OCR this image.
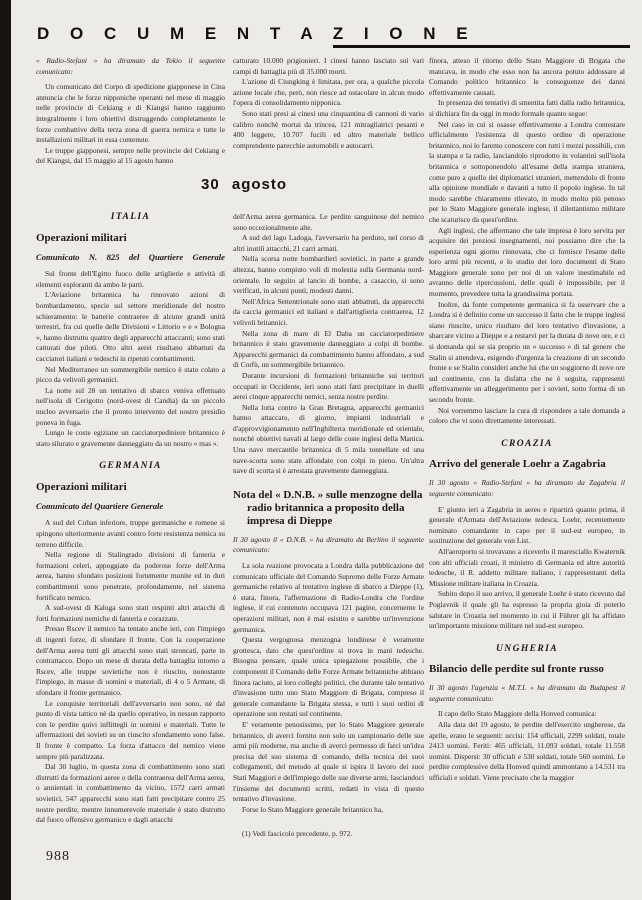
D O C U M E N T A Z I O N E
30 agosto
« Radio-Stefani » ha diramato da Tokio il seguente comunicato:
Un comunicato del Corpo di spedizione giapponese in Cina annuncia che le forze nipponiche operanti nel mese di maggio nelle provincie di Cekiang e di Kiangsi hanno raggiunto integralmente i loro obiettivi distruggendo completamente le forze combattive della terza zona di guerra nemica e tutte le installazioni militari in essa contenute.
Le truppe giapponesi, sempre nelle provincie del Cekiang e del Kiangsi, dal 15 maggio al 15 agosto hanno
ITALIA
Operazioni militari
Comunicato N. 825 del Quartiere Generale
Sul fronte dell'Egitto fuoco delle artiglierie e attività di elementi esploranti da ambo le parti.
L'Aviazione britannica ha rinnovato azioni di bombardamento, specie sul settore meridionale del nostro schieramento: le batterie contraeree di alcune grandi unità terrestri, fra cui quelle delle Divisioni « Littorio » e « Bologna », hanno distrutto quattro degli apparecchi attaccanti; sono stati catturati due piloti. Otto altri aerei risultano abbattuti da cacciatori italiani e tedeschi in ripetuti combattimenti.
Nel Mediterraneo un sommergibile nemico è stato colato a picco da velivoli germanici.
La notte sul 28 un tentativo di sbarco veniva effettuato nell'isola di Cerigotto (nord-ovest di Candia) da un piccolo nucleo avversario che il pronto intervento del nostro presidio poneva in fuga.
Lungo le coste egiziane un cacciatorpediniere britannico è stato silurato e gravemente danneggiato da un nostro « mas ».
GERMANIA
Operazioni militari
Comunicato del Quartiere Generale
A sud del Cuban inferiore, truppe germaniche e romene si spingono ulteriormente avanti contro forte resistenza nemica su terreno difficile.
Nella regione di Stalingrado divisioni di fanteria e formazioni celeri, appoggiate da poderose forze dell'Arma aerea, hanno sfondato posizioni fortemente munite ed in duri combattimenti sono penetrate, profondamente, nel sistema fortificato nemico.
A sud-ovest di Kaluga sono stati respinti altri attacchi di forti formazioni nemiche di fanteria e corazzate.
Presso Rscev il nemico ha tentato anche ieri, con l'impiego di ingenti forze, di sfondare il fronte. Con la cooperazione dell'Arma aerea tutti gli attacchi sono stati stroncati, parte in contrattacco. Dopo un mese di durata della battaglia intorno a Rscev, alle truppe sovietiche non è riuscito, nonostante l'impiego, in masse di uomini e materiali, di 4 o 5 Armate, di sfondare il fronte germanico.
Le conquiste territoriali dell'avversario non sono, nè dal punto di vista tattico nè da quello operativo, in nessun rapporto con le perdite quivi inflittegli in uomini e materiali. Tutte le affermazioni dei sovieti su un riuscito sfondamento sono false. Il fronte è compatto. La forza d'attacco del nemico viene sempre più paralizzata.
Dal 30 luglio, in questa zona di combattimento sono stati distrutti da formazioni aeree o della contraerea dell'Arma aerea, o annientati in combattimento da vicino, 1572 carri armati sovietici, 547 apparecchi sono stati fatti precipitare contro 25 nostre perdite, mentre innumerevole materiale è stato distrutto dal fuoco offensivo germanico e dagli attacchi
catturato 10.000 prigionieri. I cinesi hanno lasciato sui vari campi di battaglia più di 35.000 morti.
L'azione di Ciungking è limitata, per ora, a qualche piccola azione locale che, però, non riesce ad ostacolare in alcun modo l'opera di consolidamento nipponica.
Sono stati presi ai cinesi una cinquantina di cannoni di vario calibro nonchè mortai da trincea, 121 mitragliatrici pesanti e 400 leggere, 10.707 fucili ed altro materiale bellico comprendente parecchie automobili e autocarri.
dell'Arma aerea germanica. Le perdite sanguinose del nemico sono eccezionalmente alte.
A sud del lago Ladoga, l'avversario ha perduto, nel corso di altri inutili attacchi, 21 carri armati.
Nella scorsa notte bombardieri sovietici, in parte a grande altezza, hanno compiuto voli di molestia sulla Germania nord-orientale. In seguito al lancio di bombe, a casaccio, si sono verificati, in alcuni punti, modesti danni.
Nell'Africa Settentrionale sono stati abbattuti, da apparecchi da caccia germanici ed italiani e dall'artiglieria contraerea, 12 velivoli britannici.
Nella zona di mare di El Daba un cacciatorpediniere britannico è stato gravemente danneggiato a colpi di bombe. Apparecchi germanici da combattimento hanno affondato, a sud di Corfù, un sommergibile britannico.
Durante incursioni di formazioni britanniche sui territori occupati in Occidente, ieri sono stati fatti precipitare in duelli aerei cinque apparecchi nemici, senza nostre perdite.
Nella lotta contro la Gran Bretagna, apparecchi germanici hanno attaccato, di giorno, impianti industriali e d'approvvigionamento nell'Inghilterra meridionale ed orientale, nonchè obiettivi navali al largo delle coste inglesi della Manica. Una nave mercantile britannica di 5 mila tonnellate ed una nave-scorta sono state affondate con colpi in pieno. Un'altra nave di scorta si è arrestata gravemente danneggiata.
Nota del « D.N.B. » sulle menzogne della radio britannica a proposito della impresa di Dieppe
Il 30 agosto il « D.N.B. » ha diramato da Berlino il seguente comunicato:
La sola reazione provocata a Londra dalla pubblicazione del comunicato ufficiale del Comando Supremo delle Forze Armate germaniche relativo al tentativo inglese di sbarco a Dieppe (1), è stata, finora, l'affermazione di Radio-Londra che l'ordine inglese, il cui contenuto occupava 121 pagine, concernente le operazioni militari, non è mai esistito e sarebbe un'invenzione germanica.
Questa vergognosa menzogna londinese è veramente grottesca, dato che quest'ordine si trova in mani tedesche. Bisogna pensare, quale unica spiegazione possibile, che i componenti il Comando delle Forze Armate britanniche abbiano finora taciuto, ai loro colleghi politici, che durante tale tentativo d'invasione tutto uno Stato Maggiore di Brigata, compreso il generale comandante la Brigata stessa, e tutti i suoi ordini di operazione son restati sul continente.
E' veramente penosissimo, per lo Stato Maggiore generale britannico, di averci fornito non solo un campionario delle sue armi più moderne, ma anche di averci permesso di farci un'idea precisa del suo sistema di comando, della tecnica dei suoi collegamenti, del metodo al quale si ispira il lavoro dei suoi Stati Maggiori e dell'impiego delle sue diverse armi, lasciandoci l'insieme dei documenti scritti, redatti in vista di questo tentativo d'invasione.
Forse lo Stato Maggiore generale britannico ha,
(1) Vedi fascicolo precedente, p. 972.
finora, atteso il ritorno dello Stato Maggiore di Brigata che mancava, in modo che esso non ha ancora potuto addossare al Comando politico britannico le conseguenze dei danni effettivamente causati.
In presenza dei tentativi di smentita fatti dalla radio britannica, si dichiara fin da oggi in modo formale quanto segue:
Nel caso in cui si osasse effettivamente a Londra contestare ufficialmente l'esistenza di questo ordine di operazione britannico, noi lo faremo conoscere con tutti i mezzi possibili, con la stampa e la radio, lanciandolo riprodotto in volantini sull'isola britannica e sottoponendolo all'esame della stampa straniera, come pure a quello dei diplomatici stranieri, mettendolo di fronte alla opinione mondiale e davanti a tutto il popolo inglese. In tal modo sarebbe chiaramente rilevato, in modo molto più penoso per lo Stato Maggiore generale inglese, il dilettantismo militare che scaturisce da quest'ordine.
Agli inglesi, che affermano che tale impresa è loro servita per acquisire dei preziosi insegnamenti, noi possiamo dire che la esperienza ogni giorno rinnovata, che ci fornisce l'esame delle loro armi più recenti, e lo studio dei loro documenti di Stato Maggiore generale sono per noi di un valore inestimabile ed avranno delle ripercussioni, delle quali è impossibile, per il momento, prevedere tutta la grandissima portata.
Inoltre, da fonte competente germanica si fa osservare che a Londra si è definito come un successo il fatto che le truppe inglesi siano riuscite, unico risultato del loro tentativo d'invasione, a sbarcare vicino a Dieppe e a restarvi per la durata di nove ore, e ci si domanda qui se sia proprio un « successo » di tal genere che Stalin si attendeva, esigendo d'urgenza la creazione di un secondo fronte e se Stalin consideri anche lui che un soggiorno di nove ore sul continente, con la disfatta che ne è seguita, rappresenti effettivamente un alleggerimento per i sovieti, sotto forma di un secondo fronte.
Noi vorremmo lasciare la cura di rispondere a tale domanda a coloro che vi sono direttamente interessati.
CROAZIA
Arrivo del generale Loehr a Zagabria
Il 30 agosto « Radio-Stefani » ha diramato da Zagabria il seguente comunicato:
E' giunto ieri a Zagabria in aereo e ripartirà quanto prima, il generale d'Armata dell'Aviazione tedesca, Loehr, recentemente nominato comandante in capo per il sud-est europeo, in sostituzione del generale von List.
All'aeroporto si trovavano a riceverlo il maresciallo Kwaternik con alti ufficiali croati, il ministro di Germania ed altre autorità tedesche, il R. addetto militare italiano, i rappresentanti della Missione militare italiana in Croazia.
Subito dopo il suo arrivo, il generale Loehr è stato ricevuto dal Poglavnik il quale gli ha espresso la propria gioia di poterlo salutare in Croazia nel momento in cui il Führer gli ha affidato un'importante missione militare nel sud-est europeo.
UNGHERIA
Bilancio delle perdite sul fronte russo
Il 30 agosto l'agenzia « M.T.I. » ha diramato da Budapest il seguente comunicato:
Il capo dello Stato Maggiore della Honved comunica:
Alla data del 19 agosto, le perdite dell'esercito ungherese, da aprile, erano le seguenti: uccisi: 154 ufficiali, 2299 soldati, totale 2413 uomini. Feriti: 465 ufficiali, 11.093 soldati, totale 11.558 uomini. Dispersi: 30 ufficiali e 530 soldati, totale 560 uomini. Le perdite complessive della Honved quindi ammontano a 14.531 tra ufficiali e soldati. Viene precisato che la maggior
988
